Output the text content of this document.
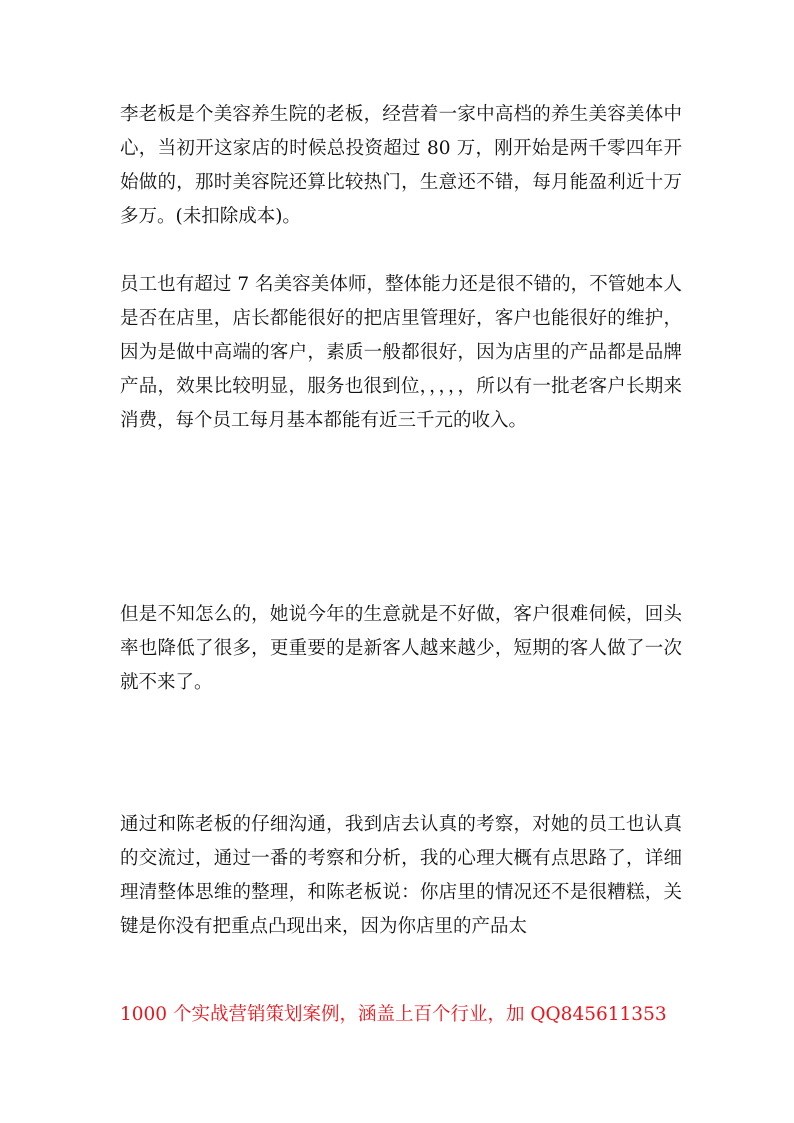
李老板是个美容养生院的老板，经营着一家中高档的养生美容美体中心，当初开这家店的时候总投资超过 80 万，刚开始是两千零四年开始做的，那时美容院还算比较热门，生意还不错，每月能盈利近十万多万。(未扣除成本)。

员工也有超过 7 名美容美体师，整体能力还是很不错的，不管她本人是否在店里，店长都能很好的把店里管理好，客户也能很好的维护，因为是做中高端的客户，素质一般都很好，因为店里的产品都是品牌产品，效果比较明显，服务也很到位，，，，，所以有一批老客户长期来消费，每个员工每月基本都能有近三千元的收入。

但是不知怎么的，她说今年的生意就是不好做，客户很难伺候，回头率也降低了很多，更重要的是新客人越来越少，短期的客人做了一次就不来了。

通过和陈老板的仔细沟通，我到店去认真的考察，对她的员工也认真的交流过，通过一番的考察和分析，我的心理大概有点思路了，详细理清整体思维的整理，和陈老板说：你店里的情况还不是很糟糕，关键是你没有把重点凸现出来，因为你店里的产品太

1000 个实战营销策划案例，涵盖上百个行业，加 QQ845611353
